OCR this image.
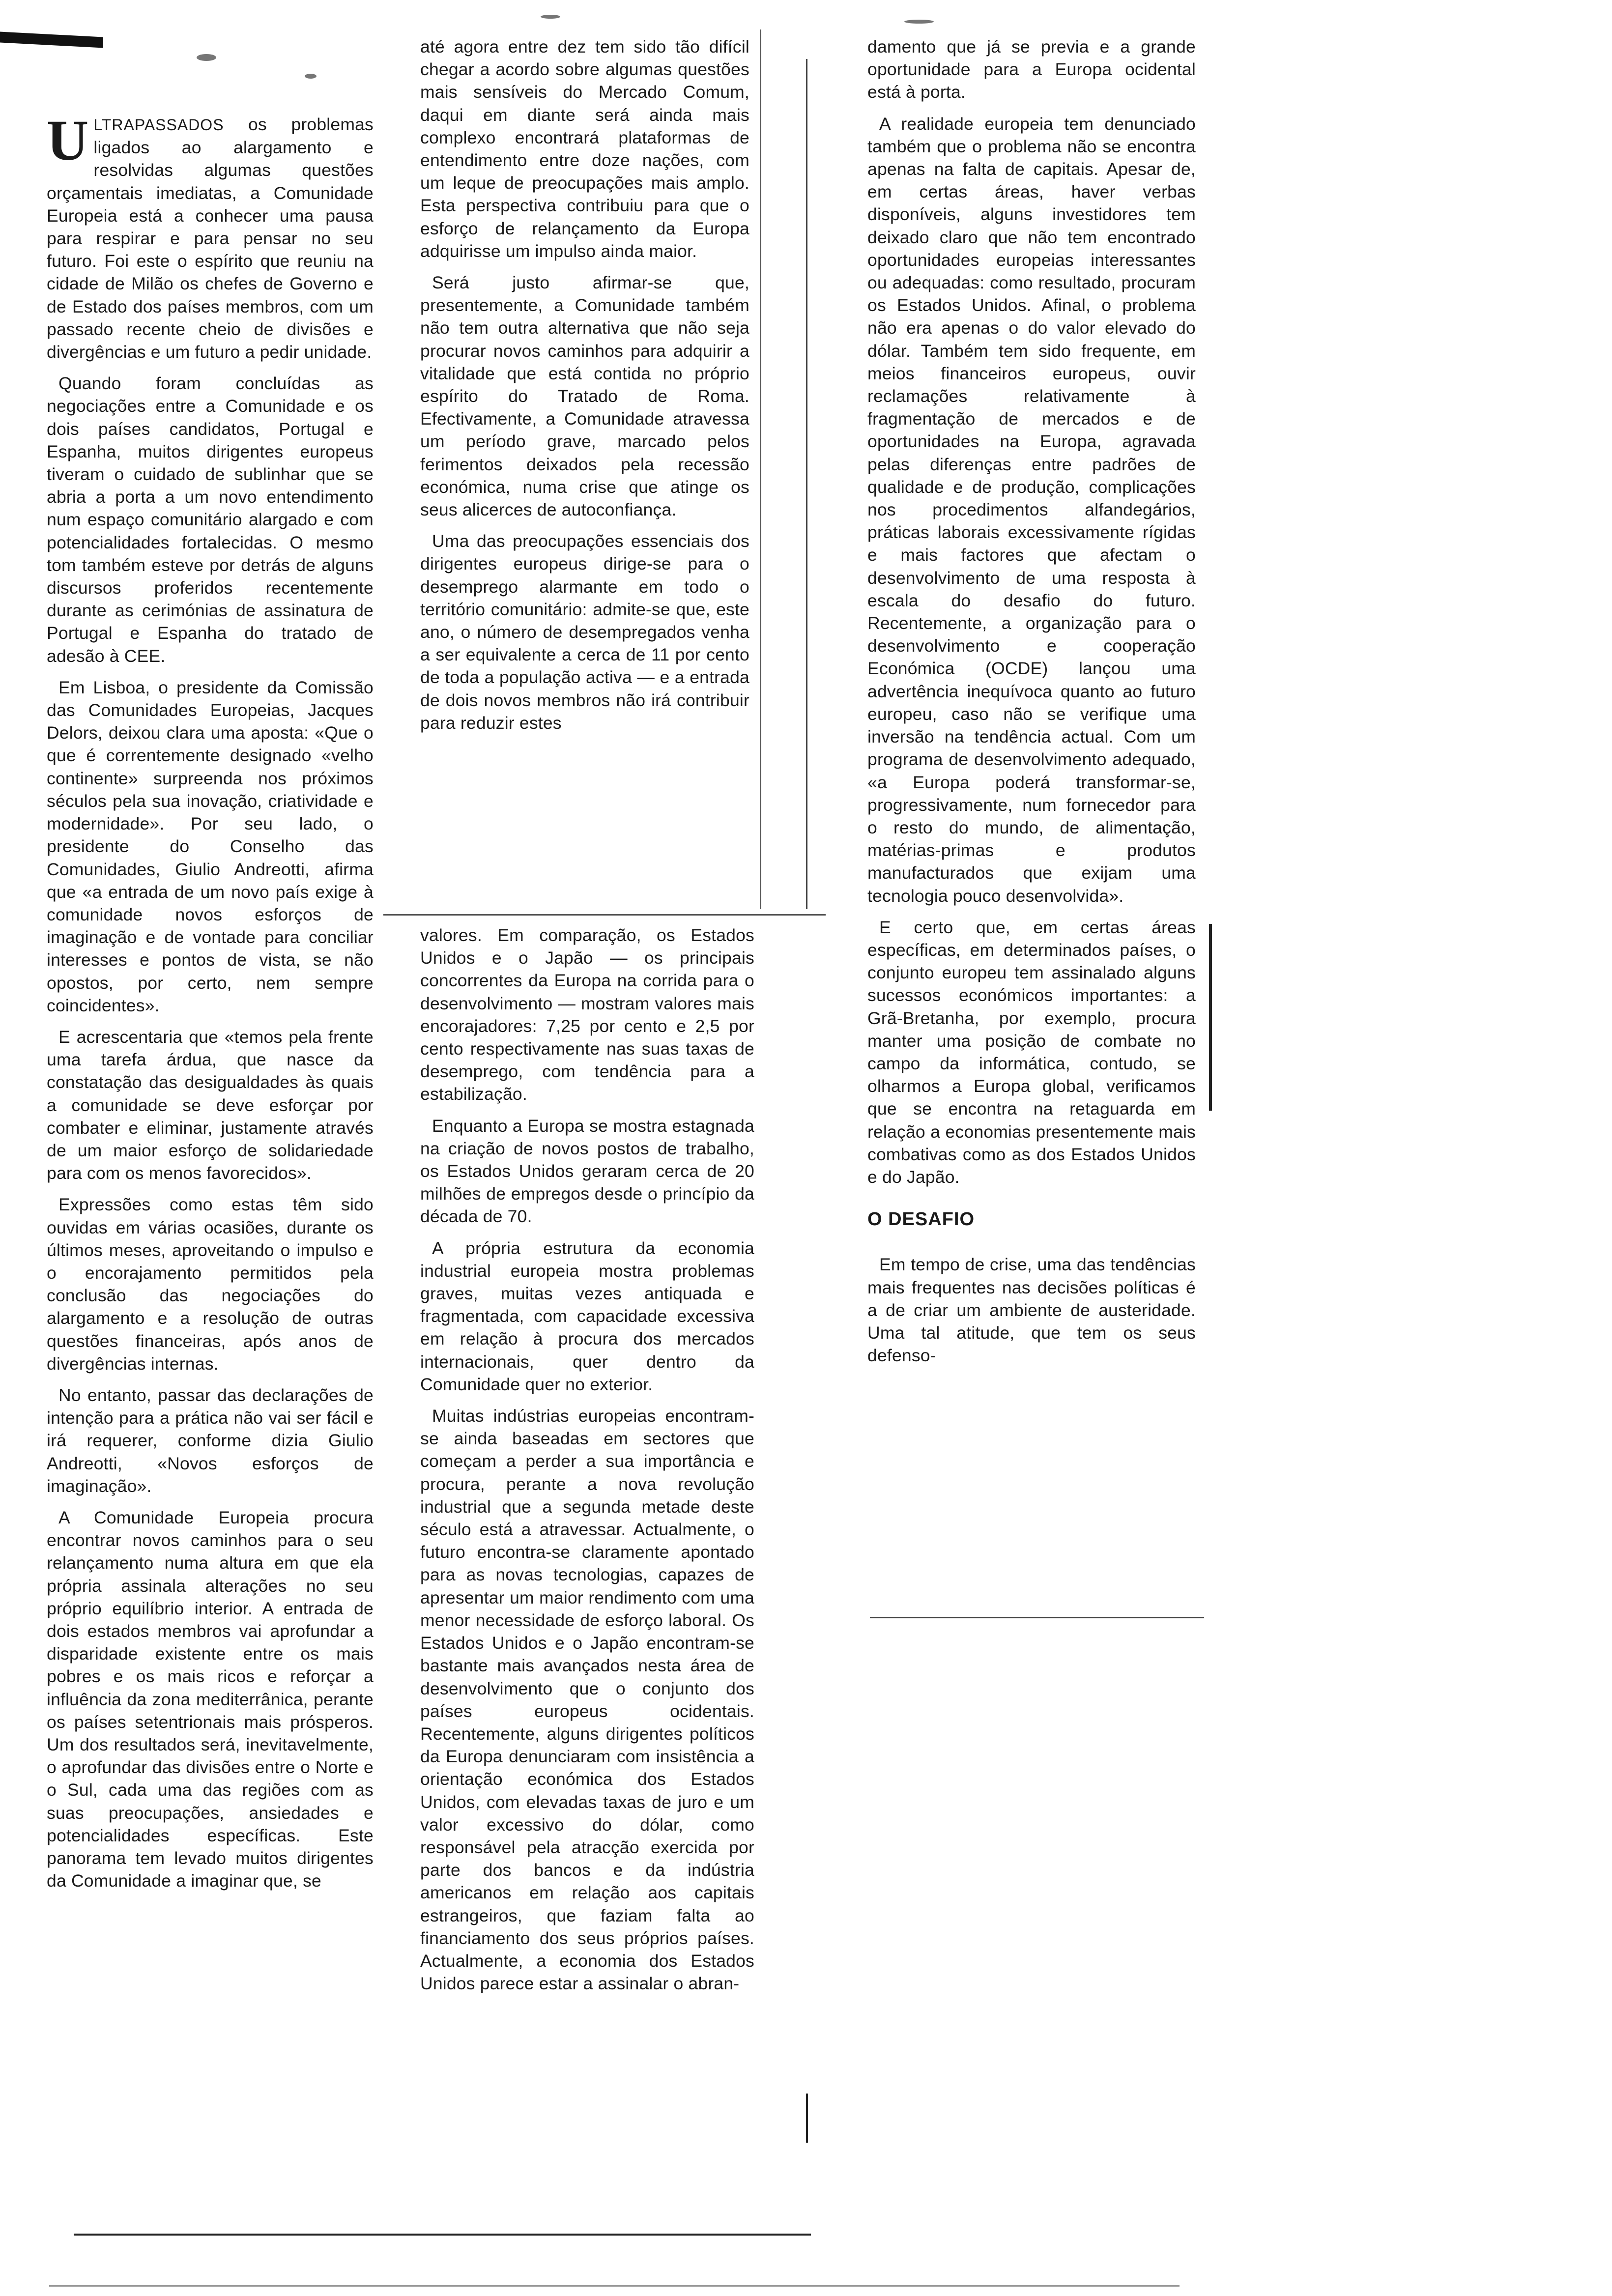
ULTRAPASSADOS os problemas ligados ao alargamento e resolvidas algumas questões orçamentais imediatas, a Comunidade Europeia está a conhecer uma pausa para respirar e para pensar no seu futuro. Foi este o espírito que reuniu na cidade de Milão os chefes de Governo e de Estado dos países membros, com um passado recente cheio de divisões e divergências e um futuro a pedir unidade.

Quando foram concluídas as negociações entre a Comunidade e os dois países candidatos, Portugal e Espanha, muitos dirigentes europeus tiveram o cuidado de sublinhar que se abria a porta a um novo entendimento num espaço comunitário alargado e com potencialidades fortalecidas. O mesmo tom também esteve por detrás de alguns discursos proferidos recentemente durante as cerimónias de assinatura de Portugal e Espanha do tratado de adesão à CEE.

Em Lisboa, o presidente da Comissão das Comunidades Europeias, Jacques Delors, deixou clara uma aposta: «Que o que é correntemente designado «velho continente» surpreenda nos próximos séculos pela sua inovação, criatividade e modernidade». Por seu lado, o presidente do Conselho das Comunidades, Giulio Andreotti, afirma que «a entrada de um novo país exige à comunidade novos esforços de imaginação e de vontade para conciliar interesses e pontos de vista, se não opostos, por certo, nem sempre coincidentes».

E acrescentaria que «temos pela frente uma tarefa árdua, que nasce da constatação das desigualdades às quais a comunidade se deve esforçar por combater e eliminar, justamente através de um maior esforço de solidariedade para com os menos favorecidos».

Expressões como estas têm sido ouvidas em várias ocasiões, durante os últimos meses, aproveitando o impulso e o encorajamento permitidos pela conclusão das negociações do alargamento e a resolução de outras questões financeiras, após anos de divergências internas.

No entanto, passar das declarações de intenção para a prática não vai ser fácil e irá requerer, conforme dizia Giulio Andreotti, «Novos esforços de imaginação».

A Comunidade Europeia procura encontrar novos caminhos para o seu relançamento numa altura em que ela própria assinala alterações no seu próprio equilíbrio interior. A entrada de dois estados membros vai aprofundar a disparidade existente entre os mais pobres e os mais ricos e reforçar a influência da zona mediterrânica, perante os países setentrionais mais prósperos. Um dos resultados será, inevitavelmente, o aprofundar das divisões entre o Norte e o Sul, cada uma das regiões com as suas preocupações, ansiedades e potencialidades específicas. Este panorama tem levado muitos dirigentes da Comunidade a imaginar que, se

até agora entre dez tem sido tão difícil chegar a acordo sobre algumas questões mais sensíveis do Mercado Comum, daqui em diante será ainda mais complexo encontrará plataformas de entendimento entre doze nações, com um leque de preocupações mais amplo. Esta perspectiva contribuiu para que o esforço de relançamento da Europa adquirisse um impulso ainda maior.

Será justo afirmar-se que, presentemente, a Comunidade também não tem outra alternativa que não seja procurar novos caminhos para adquirir a vitalidade que está contida no próprio espírito do Tratado de Roma. Efectivamente, a Comunidade atravessa um período grave, marcado pelos ferimentos deixados pela recessão económica, numa crise que atinge os seus alicerces de autoconfiança.

Uma das preocupações essenciais dos dirigentes europeus dirige-se para o desemprego alarmante em todo o território comunitário: admite-se que, este ano, o número de desempregados venha a ser equivalente a cerca de 11 por cento de toda a população activa — e a entrada de dois novos membros não irá contribuir para reduzir estes

valores. Em comparação, os Estados Unidos e o Japão — os principais concorrentes da Europa na corrida para o desenvolvimento — mostram valores mais encorajadores: 7,25 por cento e 2,5 por cento respectivamente nas suas taxas de desemprego, com tendência para a estabilização.

Enquanto a Europa se mostra estagnada na criação de novos postos de trabalho, os Estados Unidos geraram cerca de 20 milhões de empregos desde o princípio da década de 70.

A própria estrutura da economia industrial europeia mostra problemas graves, muitas vezes antiquada e fragmentada, com capacidade excessiva em relação à procura dos mercados internacionais, quer dentro da Comunidade quer no exterior.

Muitas indústrias europeias encontram-se ainda baseadas em sectores que começam a perder a sua importância e procura, perante a nova revolução industrial que a segunda metade deste século está a atravessar. Actualmente, o futuro encontra-se claramente apontado para as novas tecnologias, capazes de apresentar um maior rendimento com uma menor necessidade de esforço laboral. Os Estados Unidos e o Japão encontram-se bastante mais avançados nesta área de desenvolvimento que o conjunto dos países europeus ocidentais. Recentemente, alguns dirigentes políticos da Europa denunciaram com insistência a orientação económica dos Estados Unidos, com elevadas taxas de juro e um valor excessivo do dólar, como responsável pela atracção exercida por parte dos bancos e da indústria americanos em relação aos capitais estrangeiros, que faziam falta ao financiamento dos seus próprios países. Actualmente, a economia dos Estados Unidos parece estar a assinalar o abran-

damento que já se previa e a grande oportunidade para a Europa ocidental está à porta.

A realidade europeia tem denunciado também que o problema não se encontra apenas na falta de capitais. Apesar de, em certas áreas, haver verbas disponíveis, alguns investidores tem deixado claro que não tem encontrado oportunidades europeias interessantes ou adequadas: como resultado, procuram os Estados Unidos. Afinal, o problema não era apenas o do valor elevado do dólar. Também tem sido frequente, em meios financeiros europeus, ouvir reclamações relativamente à fragmentação de mercados e de oportunidades na Europa, agravada pelas diferenças entre padrões de qualidade e de produção, complicações nos procedimentos alfandegários, práticas laborais excessivamente rígidas e mais factores que afectam o desenvolvimento de uma resposta à escala do desafio do futuro. Recentemente, a organização para o desenvolvimento e cooperação Económica (OCDE) lançou uma advertência inequívoca quanto ao futuro europeu, caso não se verifique uma inversão na tendência actual. Com um programa de desenvolvimento adequado, «a Europa poderá transformar-se, progressivamente, num fornecedor para o resto do mundo, de alimentação, matérias-primas e produtos manufacturados que exijam uma tecnologia pouco desenvolvida».

E certo que, em certas áreas específicas, em determinados países, o conjunto europeu tem assinalado alguns sucessos económicos importantes: a Grã-Bretanha, por exemplo, procura manter uma posição de combate no campo da informática, contudo, se olharmos a Europa global, verificamos que se encontra na retaguarda em relação a economias presentemente mais combativas como as dos Estados Unidos e do Japão.

O DESAFIO

Em tempo de crise, uma das tendências mais frequentes nas decisões políticas é a de criar um ambiente de austeridade. Uma tal atitude, que tem os seus defenso-
